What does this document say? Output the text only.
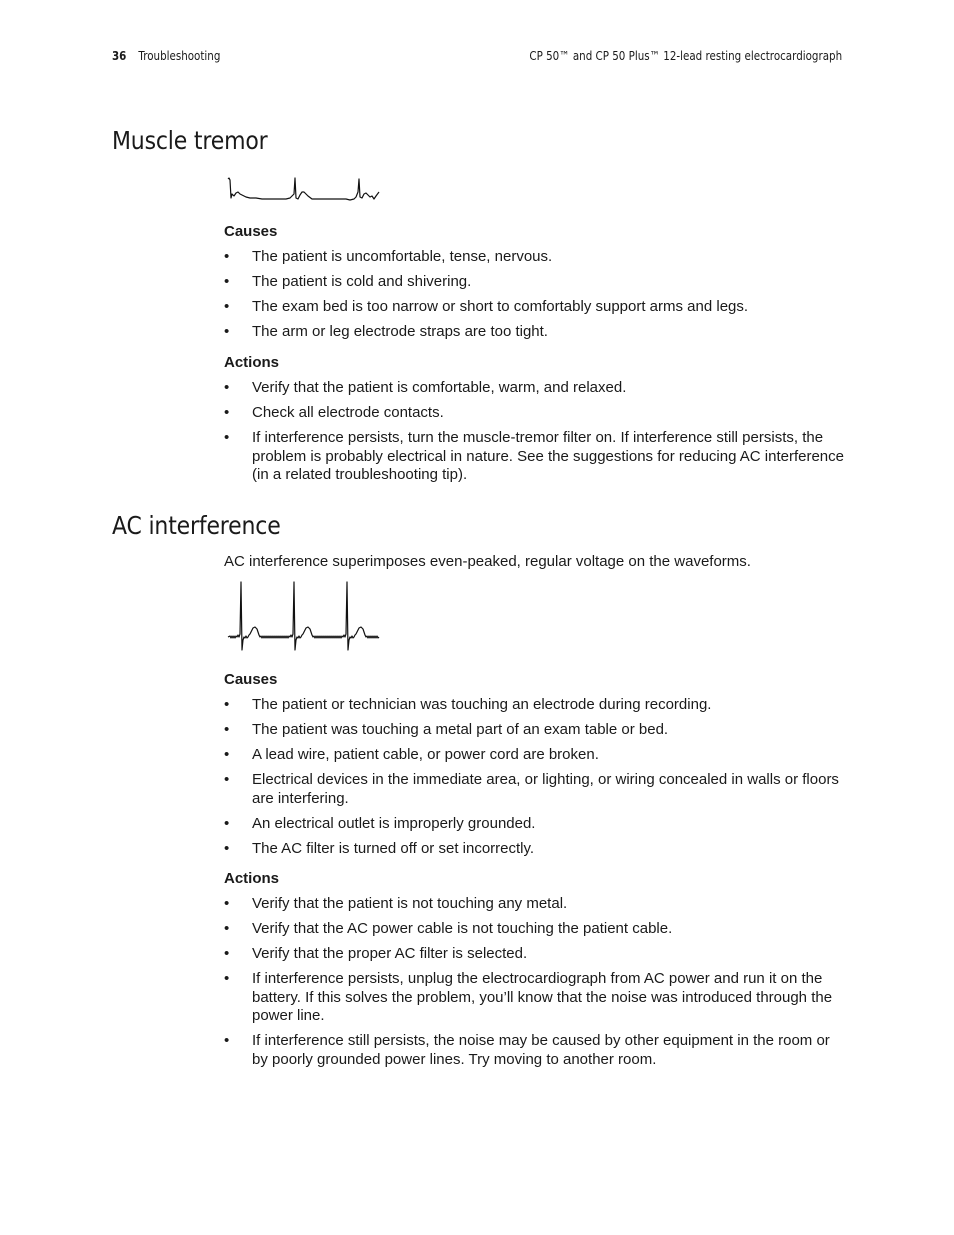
36 Troubleshooting	CP 50™ and CP 50 Plus™ 12-lead resting electrocardiograph
Muscle tremor
Causes
• The patient is uncomfortable, tense, nervous.
• The patient is cold and shivering.
• The exam bed is too narrow or short to comfortably support arms and legs.
• The arm or leg electrode straps are too tight.
Actions
• Verify that the patient is comfortable, warm, and relaxed.
• Check all electrode contacts.
• If interference persists, turn the muscle-tremor filter on. If interference still persists, the problem is probably electrical in nature. See the suggestions for reducing AC interference (in a related troubleshooting tip).
AC interference
AC interference superimposes even-peaked, regular voltage on the waveforms.
Causes
• The patient or technician was touching an electrode during recording.
• The patient was touching a metal part of an exam table or bed.
• A lead wire, patient cable, or power cord are broken.
• Electrical devices in the immediate area, or lighting, or wiring concealed in walls or floors are interfering.
• An electrical outlet is improperly grounded.
• The AC filter is turned off or set incorrectly.
Actions
• Verify that the patient is not touching any metal.
• Verify that the AC power cable is not touching the patient cable.
• Verify that the proper AC filter is selected.
• If interference persists, unplug the electrocardiograph from AC power and run it on the battery. If this solves the problem, you’ll know that the noise was introduced through the power line.
• If interference still persists, the noise may be caused by other equipment in the room or by poorly grounded power lines. Try moving to another room.
